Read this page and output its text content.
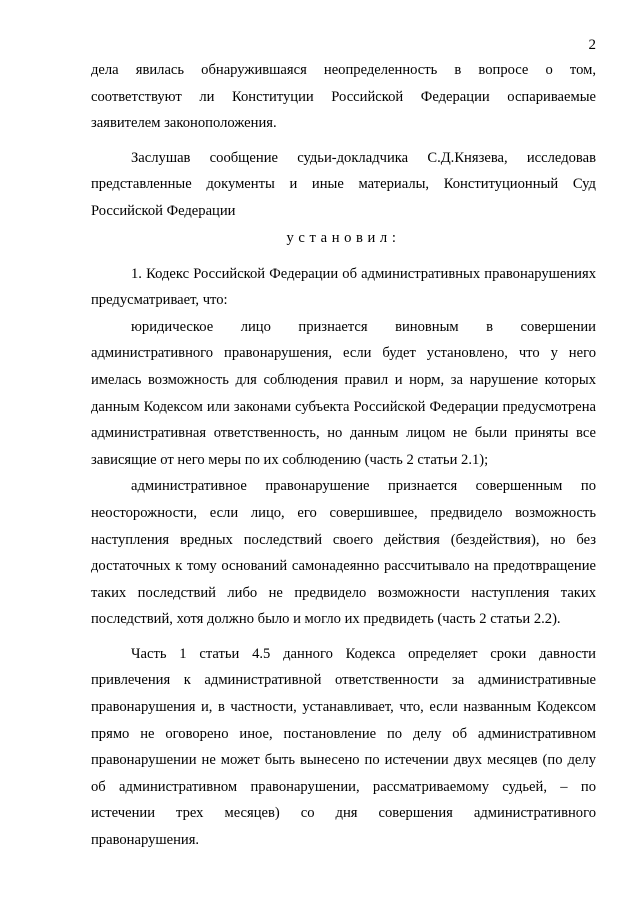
2

дела явилась обнаружившаяся неопределенность в вопросе о том, соответствуют ли Конституции Российской Федерации оспариваемые заявителем законоположения.

Заслушав сообщение судьи-докладчика С.Д.Князева, исследовав представленные документы и иные материалы, Конституционный Суд Российской Федерации

установил:

1. Кодекс Российской Федерации об административных правонарушениях предусматривает, что:

юридическое лицо признается виновным в совершении административного правонарушения, если будет установлено, что у него имелась возможность для соблюдения правил и норм, за нарушение которых данным Кодексом или законами субъекта Российской Федерации предусмотрена административная ответственность, но данным лицом не были приняты все зависящие от него меры по их соблюдению (часть 2 статьи 2.1);

административное правонарушение признается совершенным по неосторожности, если лицо, его совершившее, предвидело возможность наступления вредных последствий своего действия (бездействия), но без достаточных к тому оснований самонадеянно рассчитывало на предотвращение таких последствий либо не предвидело возможности наступления таких последствий, хотя должно было и могло их предвидеть (часть 2 статьи 2.2).

Часть 1 статьи 4.5 данного Кодекса определяет сроки давности привлечения к административной ответственности за административные правонарушения и, в частности, устанавливает, что, если названным Кодексом прямо не оговорено иное, постановление по делу об административном правонарушении не может быть вынесено по истечении двух месяцев (по делу об административном правонарушении, рассматриваемому судьей, – по истечении трех месяцев) со дня совершения административного правонарушения.
